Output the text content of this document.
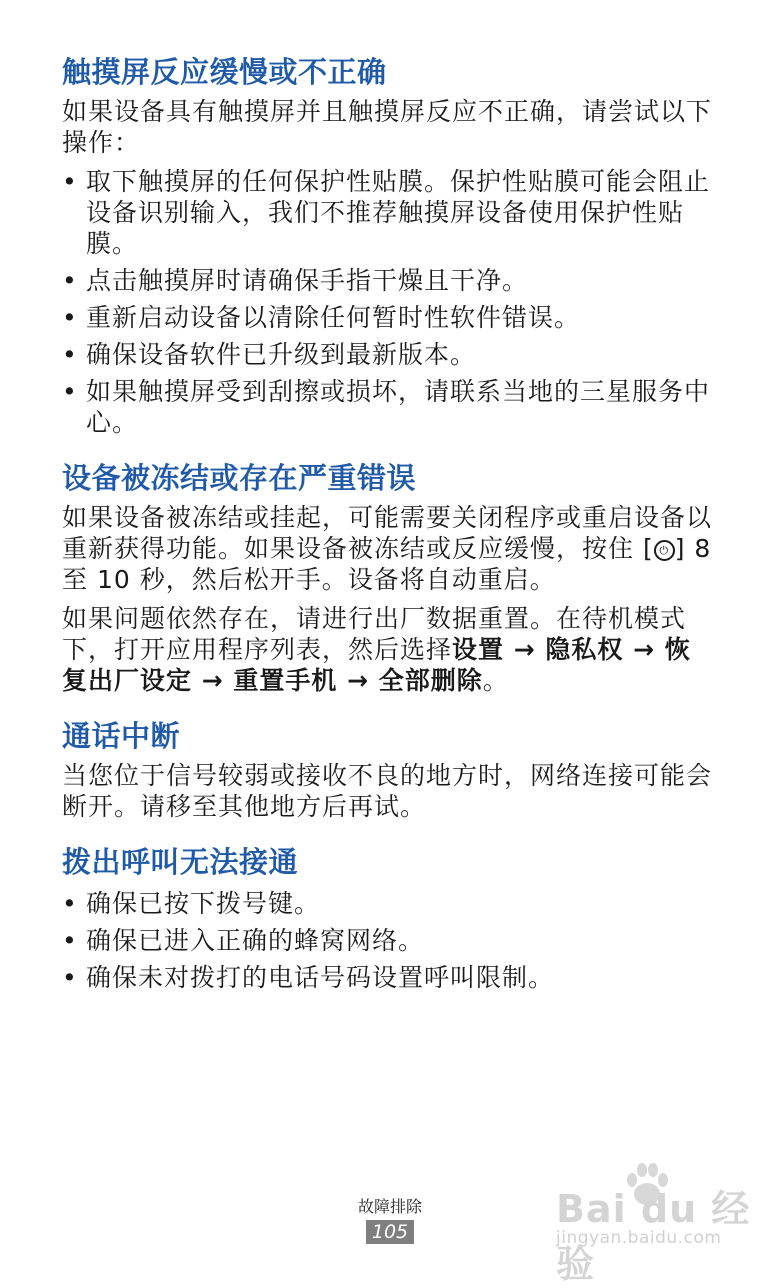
触摸屏反应缓慢或不正确

如果设备具有触摸屏并且触摸屏反应不正确，请尝试以下操作：

• 取下触摸屏的任何保护性贴膜。保护性贴膜可能会阻止设备识别输入，我们不推荐触摸屏设备使用保护性贴膜。
• 点击触摸屏时请确保手指干燥且干净。
• 重新启动设备以清除任何暂时性软件错误。
• 确保设备软件已升级到最新版本。
• 如果触摸屏受到刮擦或损坏，请联系当地的三星服务中心。
设备被冻结或存在严重错误

如果设备被冻结或挂起，可能需要关闭程序或重启设备以重新获得功能。如果设备被冻结或反应缓慢，按住 [ ⏻ ] 8 至 10 秒，然后松开手。设备将自动重启。

如果问题依然存在，请进行出厂数据重置。在待机模式下，打开应用程序列表，然后选择设置 → 隐私权 → 恢复出厂设定 → 重置手机 → 全部删除。

通话中断

当您位于信号较弱或接收不良的地方时，网络连接可能会断开。请移至其他地方后再试。

拨出呼叫无法接通
• 确保已按下拨号键。
• 确保已进入正确的蜂窝网络。
• 确保未对拨打的电话号码设置呼叫限制。
故障排除
105
Bai du 经验
jingyan.baidu.com
